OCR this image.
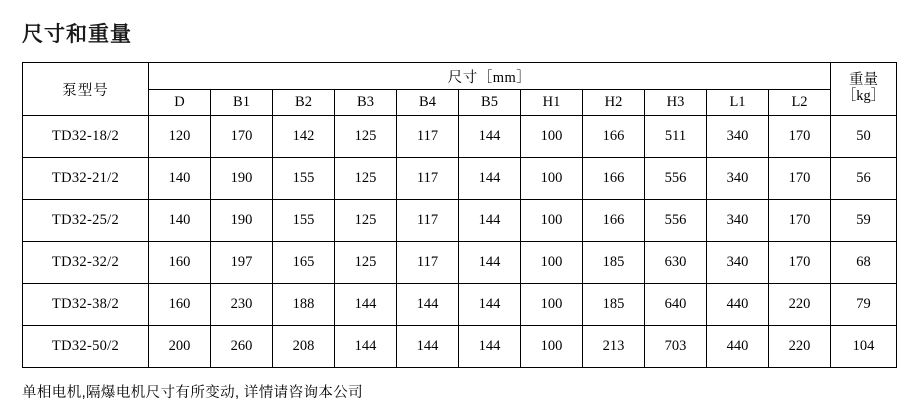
尺寸和重量
泵型号	尺寸［mm］											重量
［kg］

	D	B1	B2	B3	B4	B5	H1	H2	H3	L1	L2	
TD32-18/2	120	170	142	125	117	144	100	166	511	340	170	50
TD32-21/2	140	190	155	125	117	144	100	166	556	340	170	56
TD32-25/2	140	190	155	125	117	144	100	166	556	340	170	59
TD32-32/2	160	197	165	125	117	144	100	185	630	340	170	68
TD32-38/2	160	230	188	144	144	144	100	185	640	440	220	79
TD32-50/2	200	260	208	144	144	144	100	213	703	440	220	104
单相电机,隔爆电机尺寸有所变动, 详情请咨询本公司
